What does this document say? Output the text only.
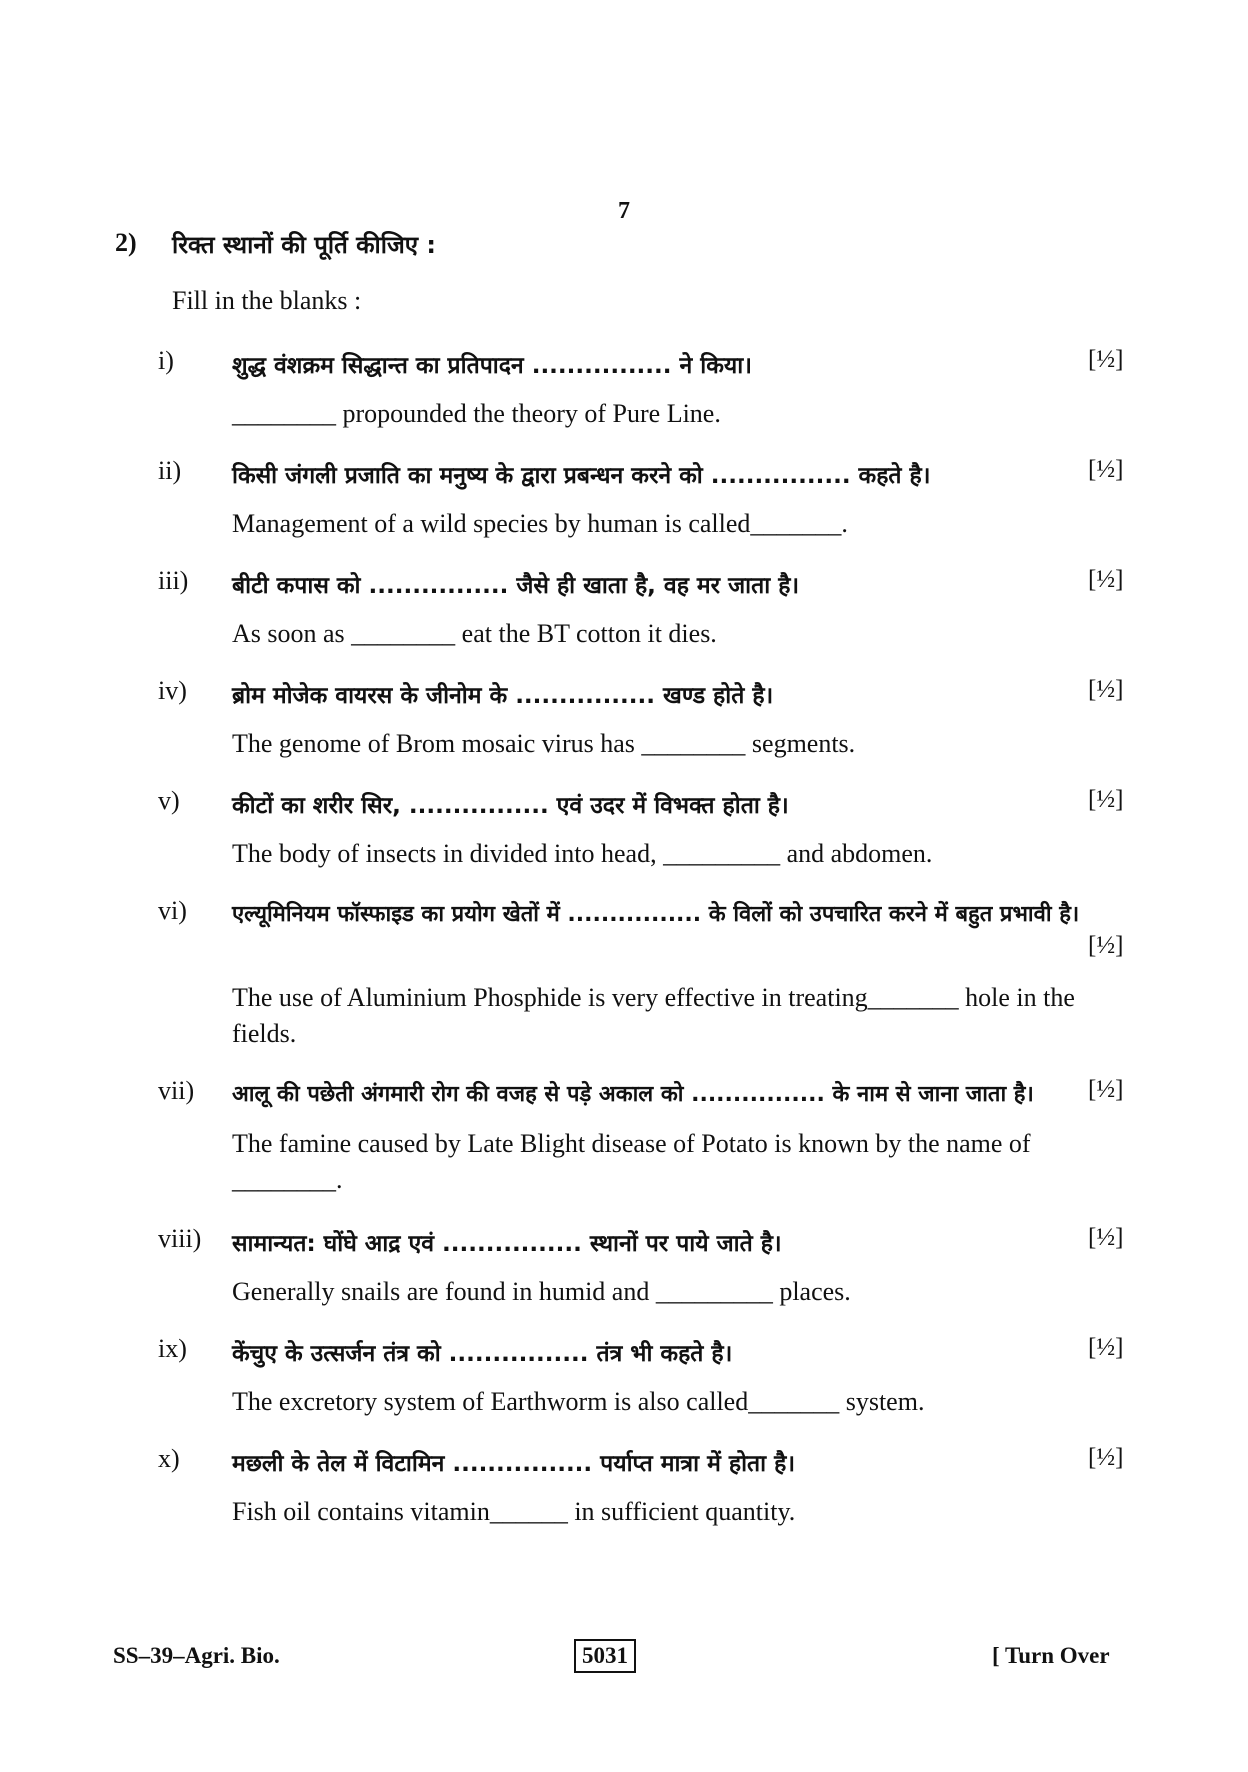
7
2) रिक्त स्थानों की पूर्ति कीजिए :
Fill in the blanks :
i)	शुद्ध वंशक्रम सिद्धान्त का प्रतिपादन ................ ने किया।	[½]
________ propounded the theory of Pure Line.
ii) किसी जंगली प्रजाति का मनुष्य के द्वारा प्रबन्धन करने को ................ कहते है।	[½]
Management of a wild species by human is called_______.
iii) बीटी कपास को ................ जैसे ही खाता है, वह मर जाता है।	[½]
As soon as ________ eat the BT cotton it dies.
iv) ब्रोम मोजेक वायरस के जीनोम के ................ खण्ड होते है।	[½]
The genome of Brom mosaic virus has ________ segments.
v) कीटों का शरीर सिर, ................ एवं उदर में विभक्त होता है।	[½]
The body of insects in divided into head, _________ and abdomen.
vi) एल्यूमिनियम फॉस्फाइड का प्रयोग खेतों में ................ के विलों को उपचारित करने में बहुत प्रभावी है।
[½]
The use of Aluminium Phosphide is very effective in treating_______ hole in the fields.
vii) आलू की पछेती अंगमारी रोग की वजह से पड़े अकाल को ................ के नाम से जाना जाता है। [½]
The famine caused by Late Blight disease of Potato is known by the name of ________.
viii) सामान्यत: घोंघे आद्र एवं ................ स्थानों पर पाये जाते है।	[½]
Generally snails are found in humid and _________ places.
ix) केंचुए के उत्सर्जन तंत्र को ................ तंत्र भी कहते है।	[½]
The excretory system of Earthworm is also called_______ system.
x) मछली के तेल में विटामिन ................ पर्याप्त मात्रा में होता है।	[½]
Fish oil contains vitamin______ in sufficient quantity.
SS–39–Agri. Bio.	5031	[ Turn Over
